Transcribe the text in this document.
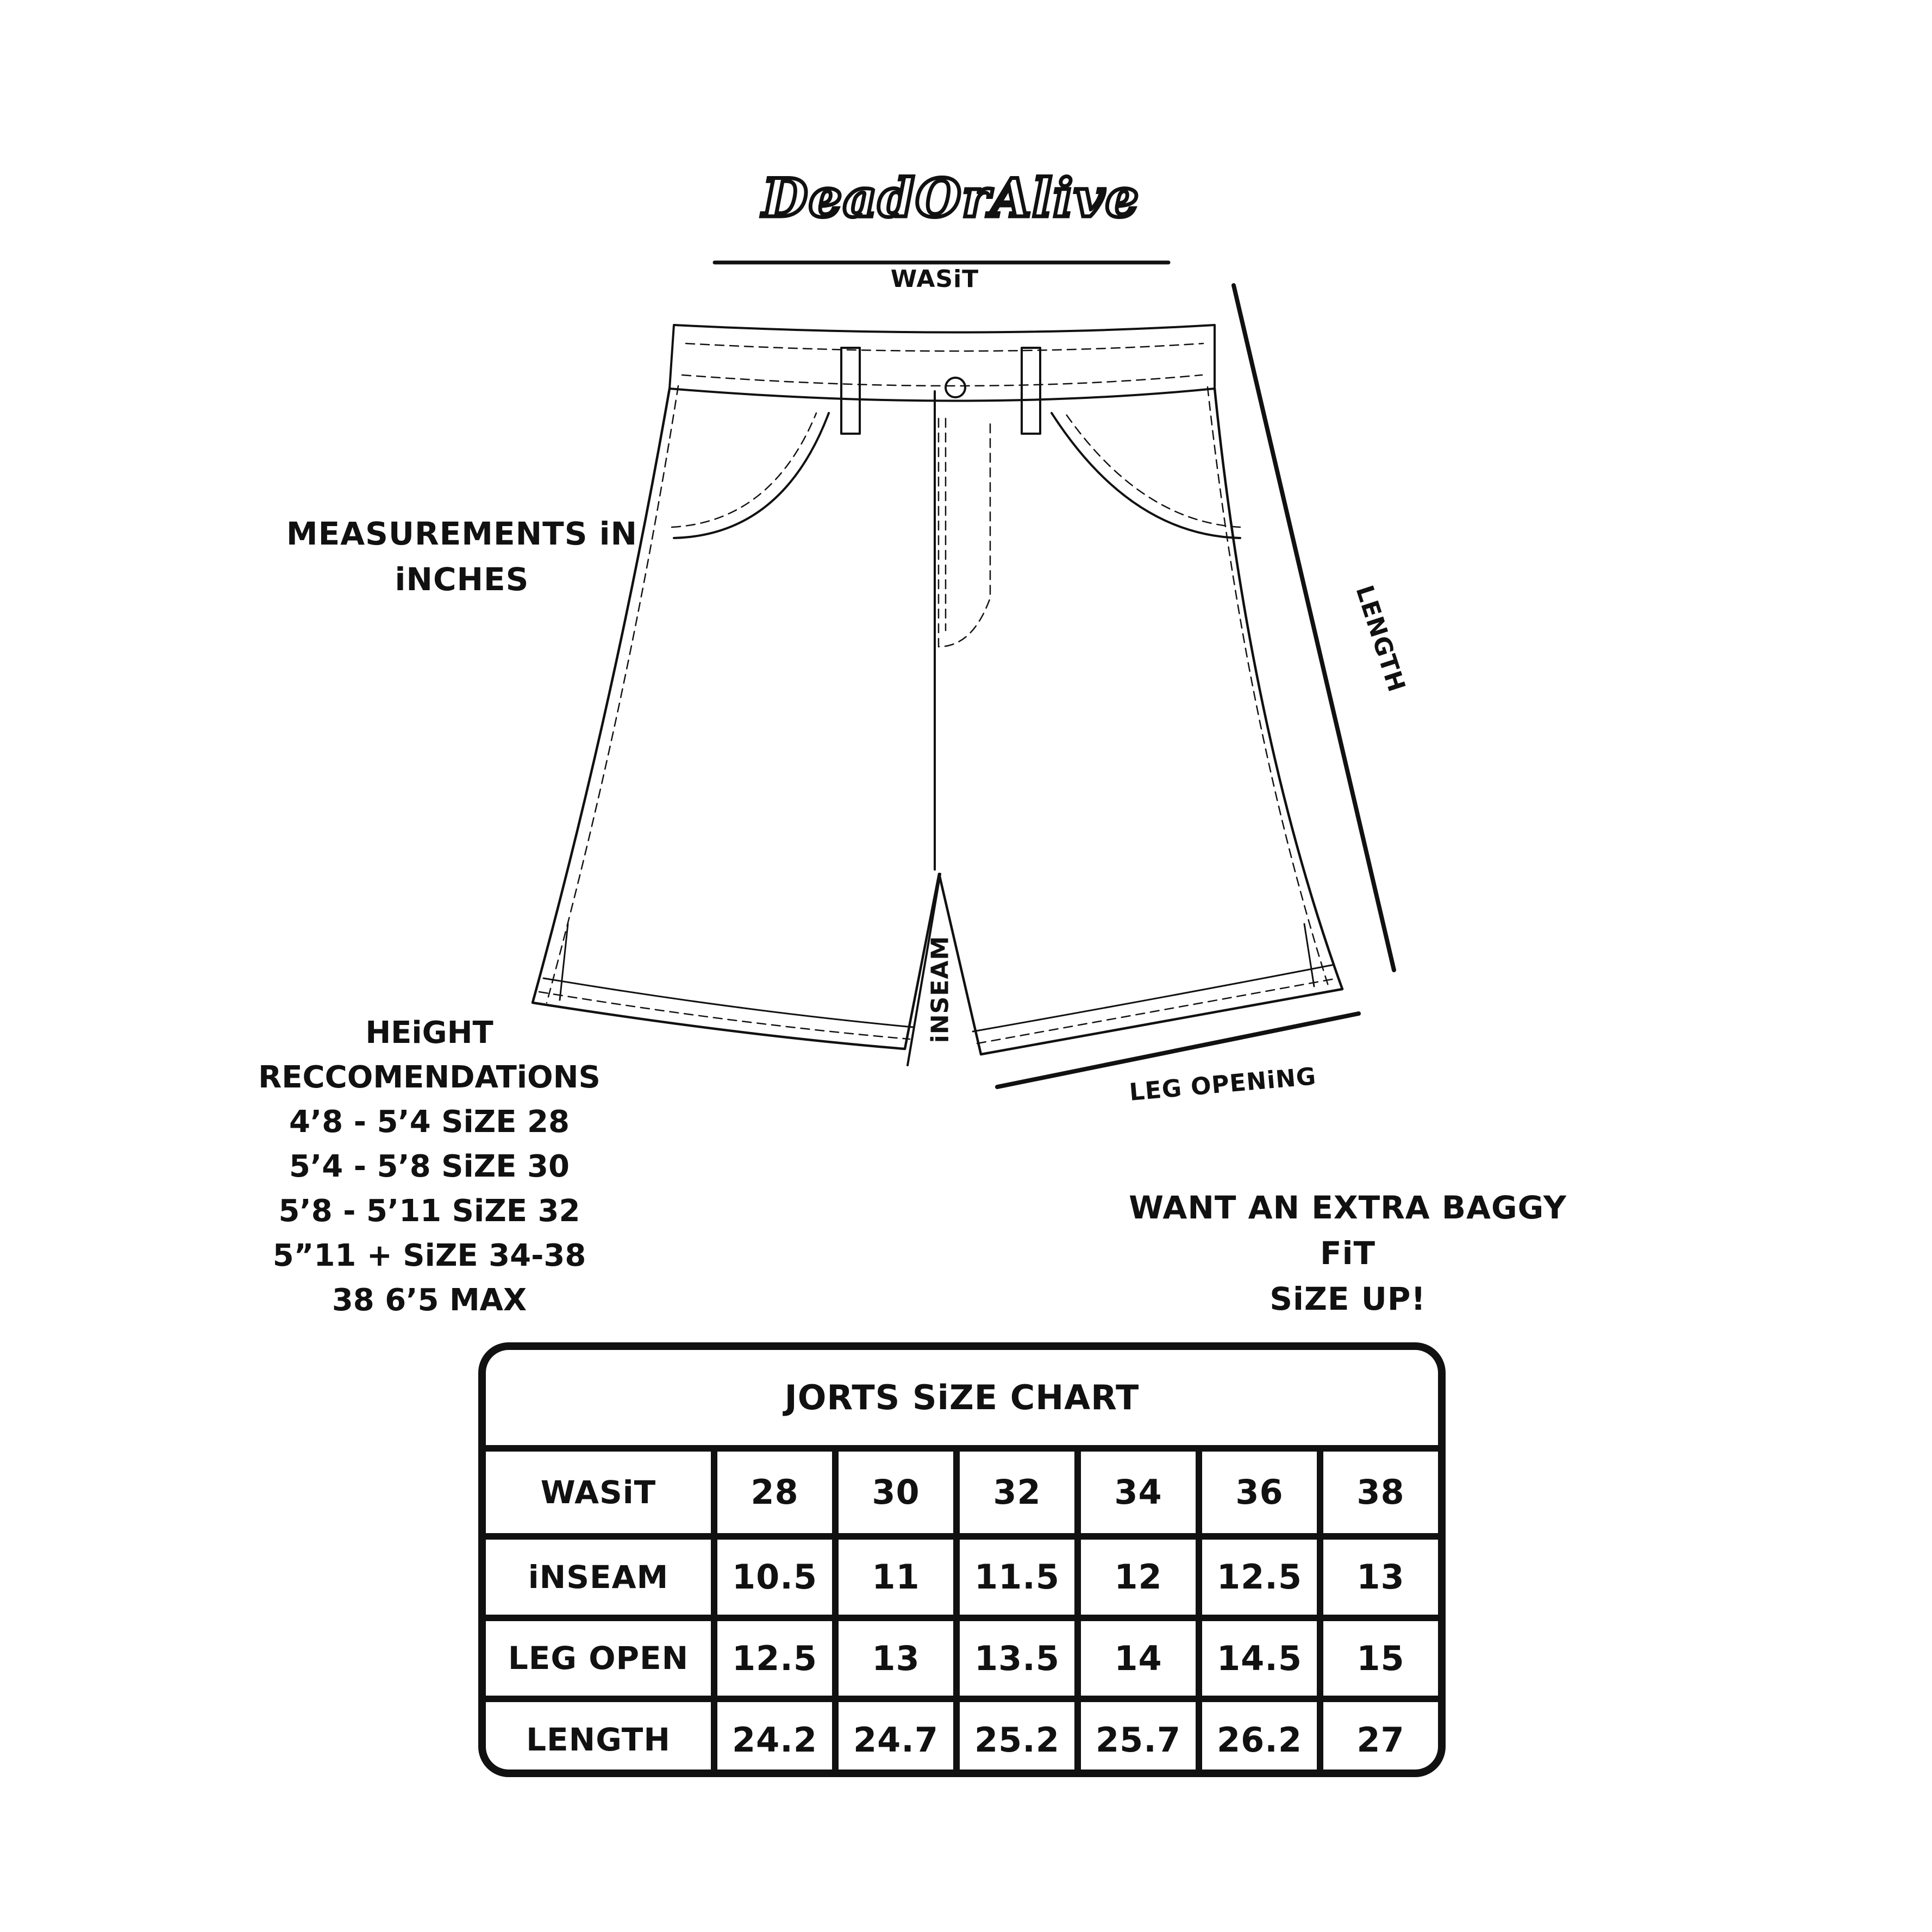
DeadOrAlive
WASiT
LENGTH
iNSEAM
LEG OPENiNG
MEASUREMENTS iN
iNCHES
HEiGHT
RECCOMENDATiONS
4’8 - 5’4 SiZE 28
5’4 - 5’8 SiZE 30
5’8 - 5’11 SiZE 32
5”11 + SiZE 34-38
38 6’5 MAX
WANT AN EXTRA BAGGY FiT
SiZE UP!
JORTS SiZE CHART
WASiT	28	30	32	34	36	38
iNSEAM	10.5	11	11.5	12	12.5	13
LEG OPEN	12.5	13	13.5	14	14.5	15
LENGTH	24.2	24.7	25.2	25.7	26.2	27
